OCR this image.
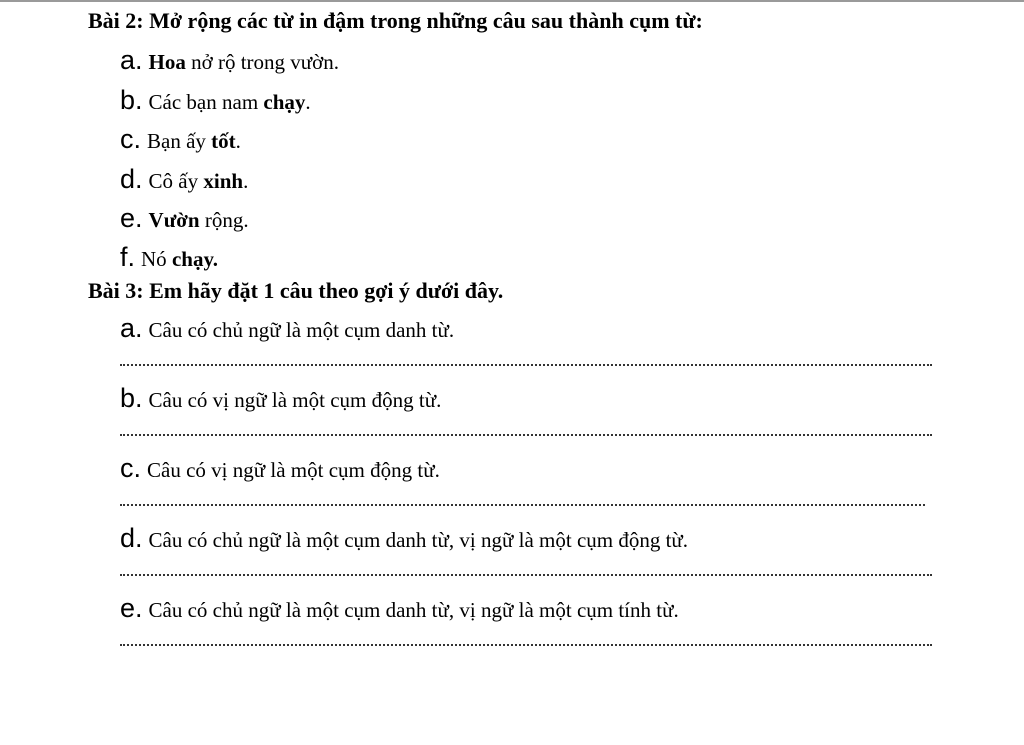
Bài 2: Mở rộng các từ in đậm trong những câu sau thành cụm từ:
a. Hoa nở rộ trong vườn.
b. Các bạn nam chạy.
c. Bạn ấy tốt.
d. Cô ấy xinh.
e. Vườn rộng.
f. Nó chạy.
Bài 3: Em hãy đặt 1 câu theo gợi ý dưới đây.
a. Câu có chủ ngữ là một cụm danh từ.
b. Câu có vị ngữ là một cụm động từ.
c. Câu có vị ngữ là một cụm động từ.
d. Câu có chủ ngữ là một cụm danh từ, vị ngữ là một cụm động từ.
e. Câu có chủ ngữ là một cụm danh từ, vị ngữ là một cụm tính từ.
